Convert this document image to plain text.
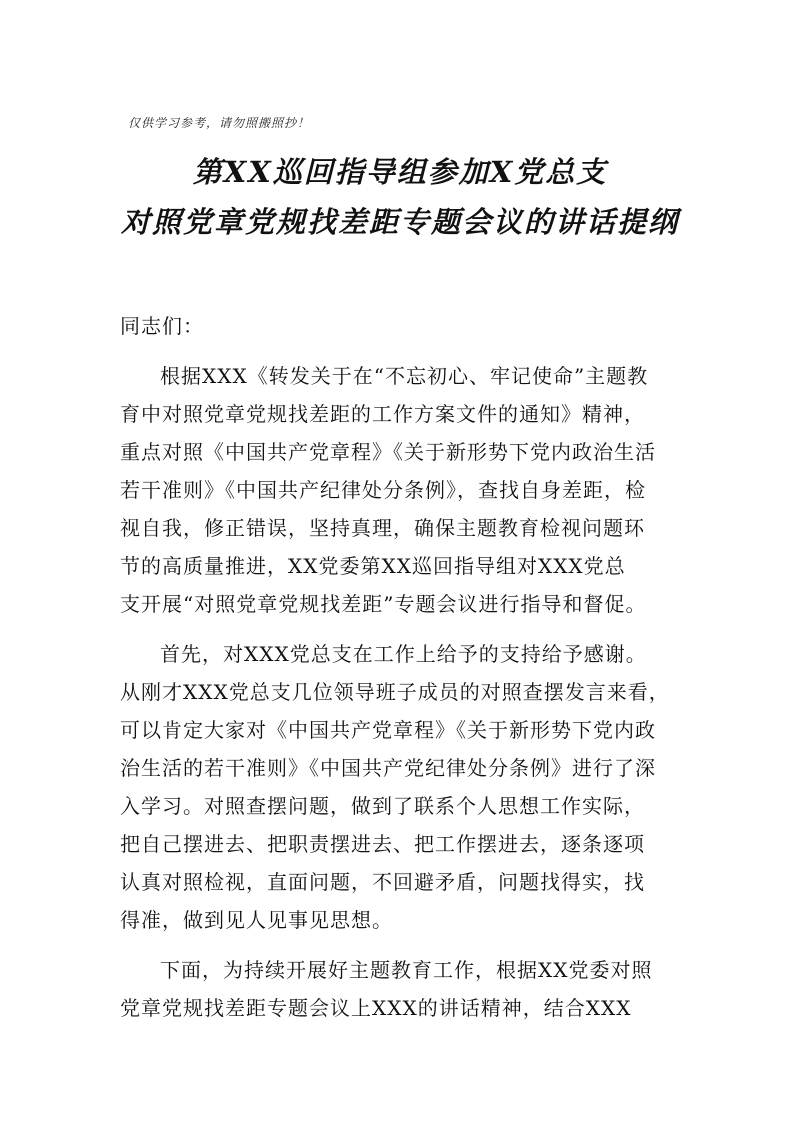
仅供学习参考，请勿照搬照抄！
第XX巡回指导组参加X党总支
对照党章党规找差距专题会议的讲话提纲
同志们：
根据XXX《转发关于在“不忘初心、牢记使命”主题教
育中对照党章党规找差距的工作方案文件的通知》精神，
重点对照《中国共产党章程》《关于新形势下党内政治生活
若干准则》《中国共产纪律处分条例》，查找自身差距，检
视自我，修正错误，坚持真理，确保主题教育检视问题环
节的高质量推进，XX党委第XX巡回指导组对XXX党总
支开展“对照党章党规找差距”专题会议进行指导和督促。
首先，对XXX党总支在工作上给予的支持给予感谢。
从刚才XXX党总支几位领导班子成员的对照查摆发言来看，
可以肯定大家对《中国共产党章程》《关于新形势下党内政
治生活的若干准则》《中国共产党纪律处分条例》进行了深
入学习。对照查摆问题，做到了联系个人思想工作实际，
把自己摆进去、把职责摆进去、把工作摆进去，逐条逐项
认真对照检视，直面问题，不回避矛盾，问题找得实，找
得准，做到见人见事见思想。
下面，为持续开展好主题教育工作，根据XX党委对照
党章党规找差距专题会议上XXX的讲话精神，结合XXX
